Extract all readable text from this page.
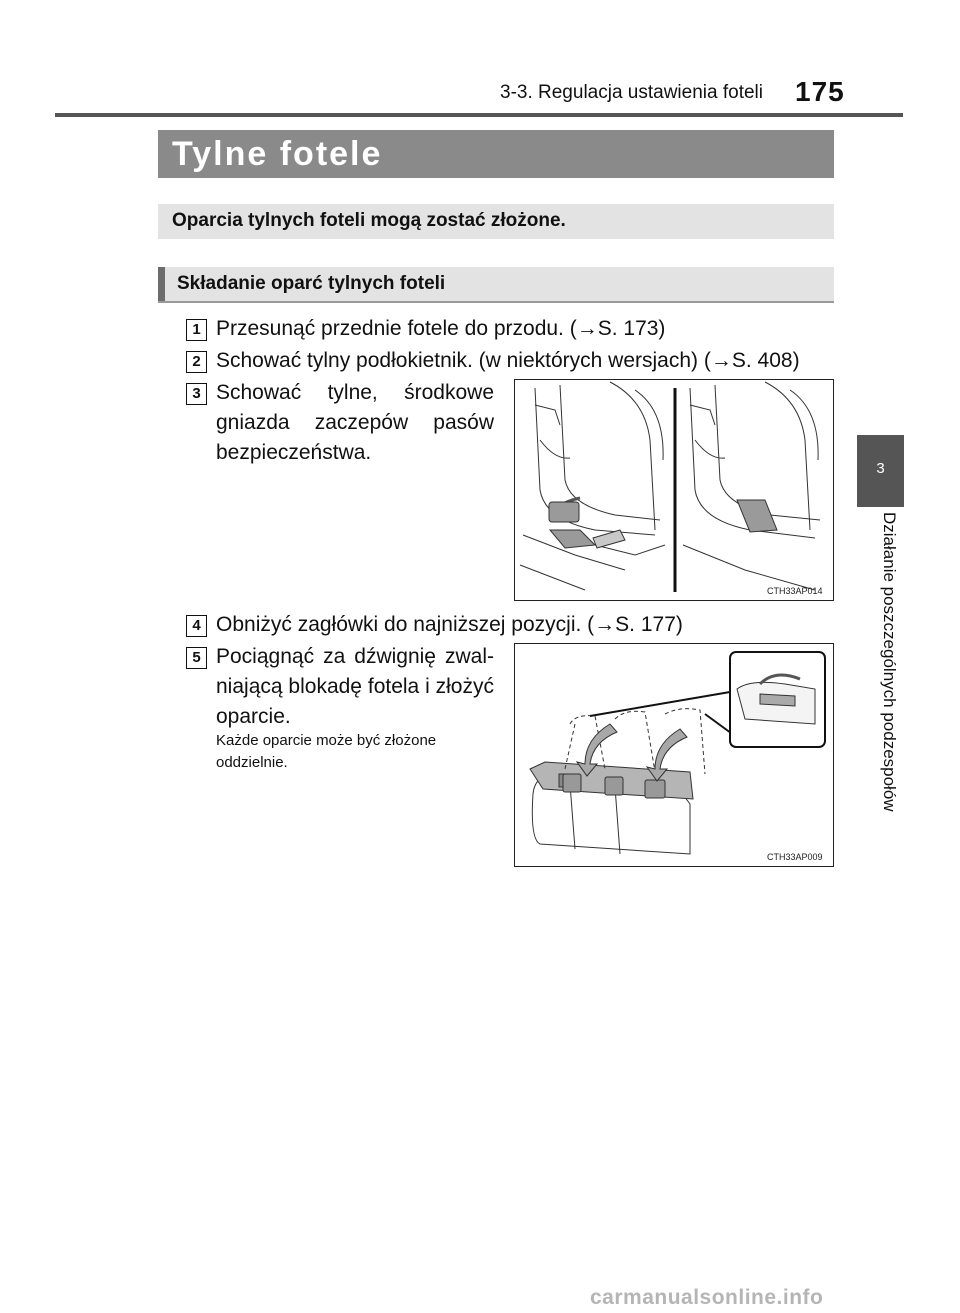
3-3. Regulacja ustawienia foteli 175
Tylne fotele
Oparcia tylnych foteli mogą zostać złożone.
Składanie oparć tylnych foteli
1 Przesunąć przednie fotele do przodu. (→S. 173)
2 Schować tylny podłokietnik. (w niektórych wersjach) (→S. 408)
3 Schować tylne, środkowe gniazda zaczepów pasów bezpieczeństwa.
CTH33AP014
4 Obniżyć zagłówki do najniższej pozycji. (→S. 177)
5 Pociągnąć za dźwignię zwal-niającą blokadę fotela i złożyć oparcie.
Każde oparcie może być złożone oddzielnie.
CTH33AP009
3
Działanie poszczególnych podzespołów
carmanualsonline.info
